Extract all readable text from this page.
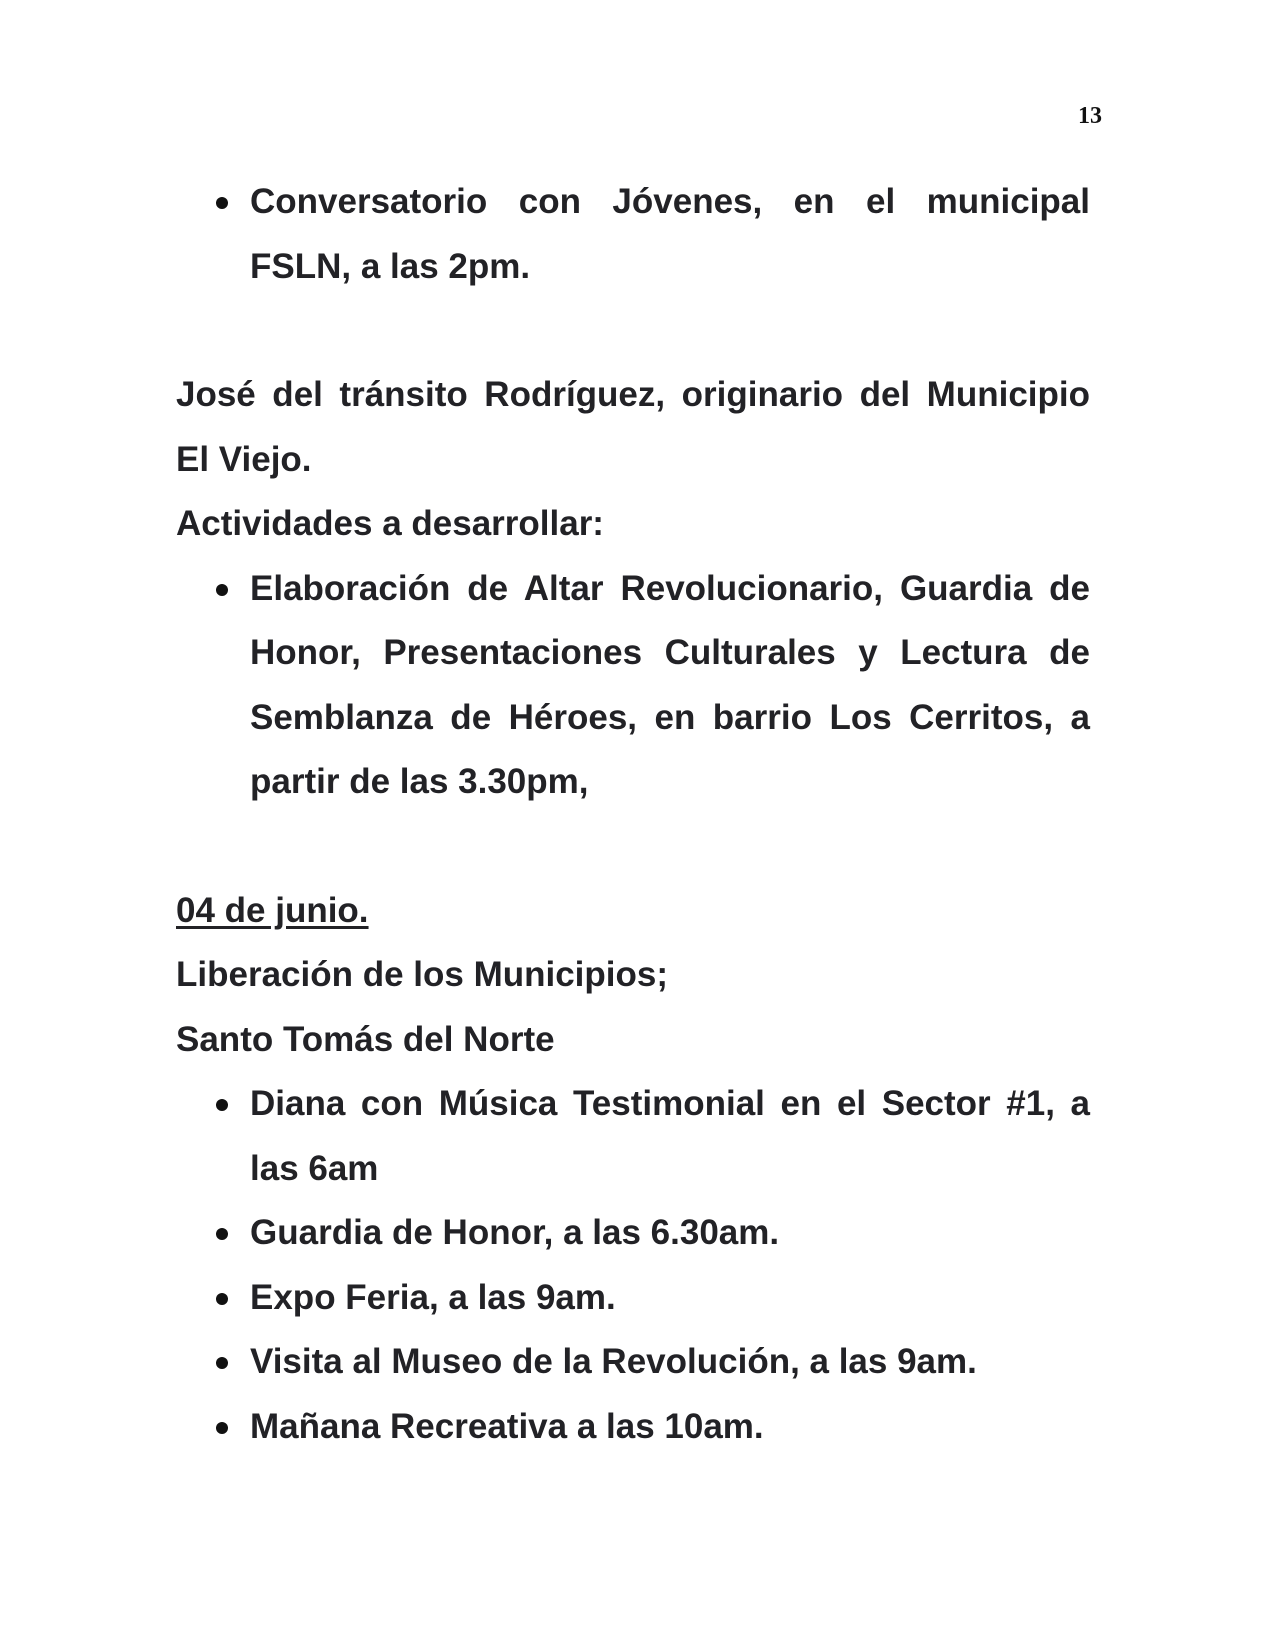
13
Conversatorio con Jóvenes, en el municipal FSLN, a las 2pm.

José del tránsito Rodríguez, originario del Municipio El Viejo.

Actividades a desarrollar:

Elaboración de Altar Revolucionario, Guardia de Honor, Presentaciones Culturales y Lectura de Semblanza de Héroes, en barrio Los Cerritos, a partir de las 3.30pm,

04 de junio.

Liberación de los Municipios;

Santo Tomás del Norte

Diana con Música Testimonial en el Sector #1, a las 6am
Guardia de Honor, a las 6.30am.
Expo Feria, a las 9am.
Visita al Museo de la Revolución, a las 9am.
Mañana Recreativa a las 10am.
